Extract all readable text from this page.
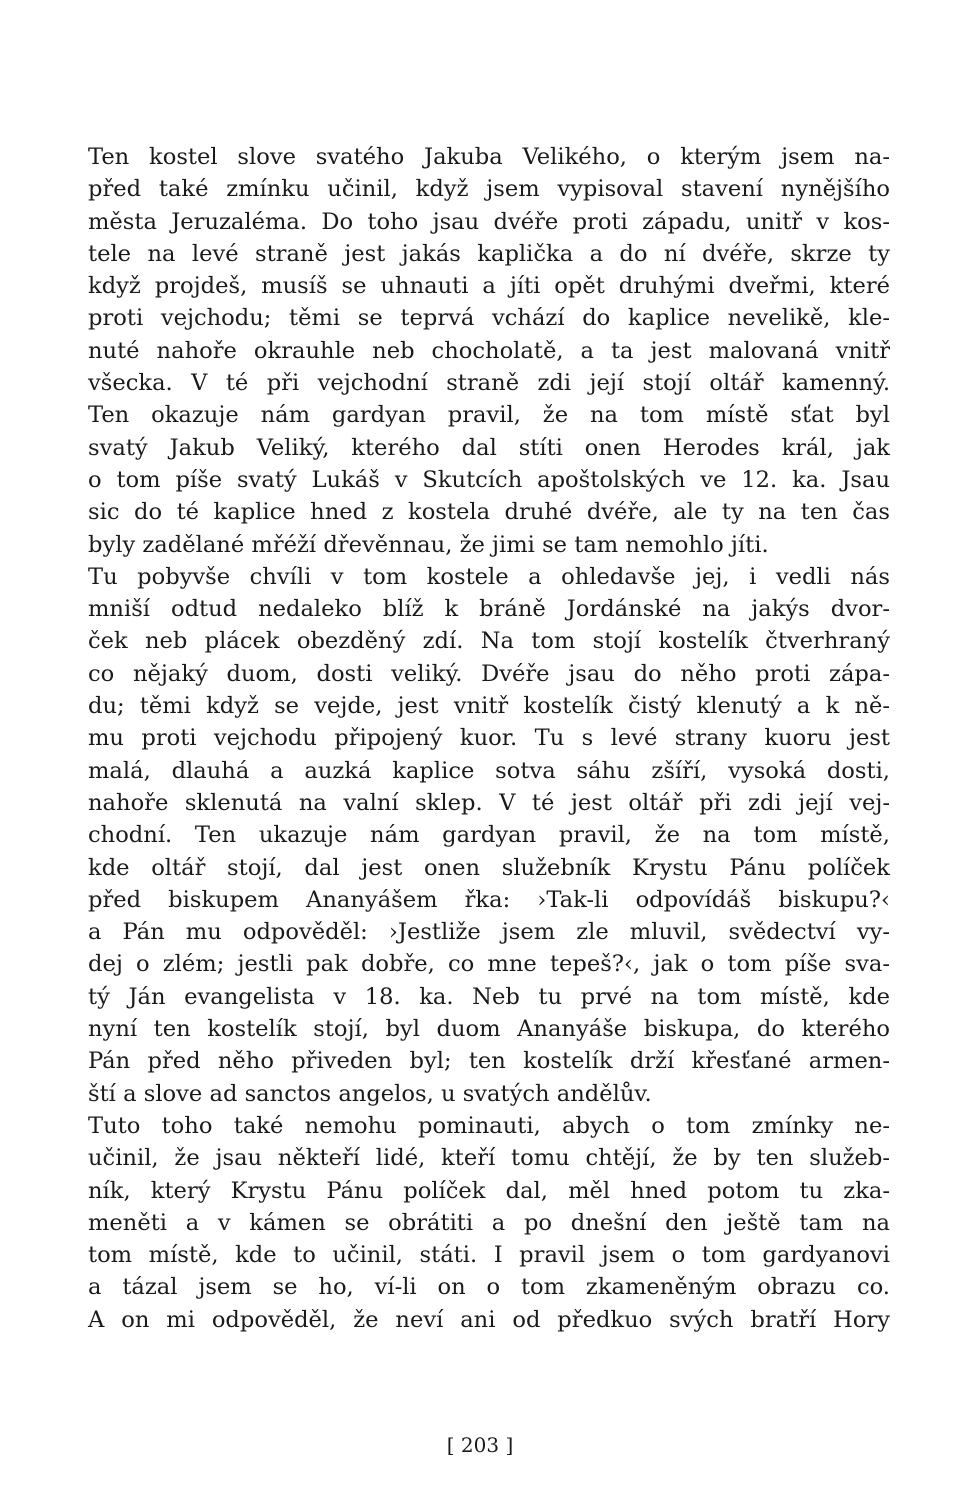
Ten kostel slove svatého Jakuba Velikého, o kterým jsem na-
před také zmínku učinil, když jsem vypisoval stavení nynějšího
města Jeruzaléma. Do toho jsau dvéře proti západu, unitř v kos-
tele na levé straně jest jakás kaplička a do ní dvéře, skrze ty
když projdeš, musíš se uhnauti a jíti opět druhými dveřmi, které
proti vejchodu; těmi se teprvá vchází do kaplice nevelikě, kle-
nuté nahoře okrauhle neb chocholatě, a ta jest malovaná vnitř
všecka. V té při vejchodní straně zdi její stojí oltář kamenný.
Ten okazuje nám gardyan pravil, že na tom místě sťat byl
svatý Jakub Veliký, kterého dal stíti onen Herodes král, jak
o tom píše svatý Lukáš v Skutcích apoštolských ve 12. ka. Jsau
sic do té kaplice hned z kostela druhé dvéře, ale ty na ten čas
byly zadělané mřéží dřevěnnau, že jimi se tam nemohlo jíti.
Tu pobyvše chvíli v tom kostele a ohledavše jej, i vedli nás
mniší odtud nedaleko blíž k bráně Jordánské na jakýs dvor-
ček neb plácek obezděný zdí. Na tom stojí kostelík čtverhraný
co nějaký duom, dosti veliký. Dvéře jsau do něho proti zápa-
du; těmi když se vejde, jest vnitř kostelík čistý klenutý a k ně-
mu proti vejchodu připojený kuor. Tu s levé strany kuoru jest
malá, dlauhá a auzká kaplice sotva sáhu zšíří, vysoká dosti,
nahoře sklenutá na valní sklep. V té jest oltář při zdi její vej-
chodní. Ten ukazuje nám gardyan pravil, že na tom místě,
kde oltář stojí, dal jest onen služebník Krystu Pánu políček
před biskupem Ananyášem řka: ›Tak-li odpovídáš biskupu?‹
a Pán mu odpověděl: ›Jestliže jsem zle mluvil, svědectví vy-
dej o zlém; jestli pak dobře, co mne tepeš?‹, jak o tom píše sva-
tý Ján evangelista v 18. ka. Neb tu prvé na tom místě, kde
nyní ten kostelík stojí, byl duom Ananyáše biskupa, do kterého
Pán před něho přiveden byl; ten kostelík drží křesťané armen-
ští a slove ad sanctos angelos, u svatých andělův.
Tuto toho také nemohu pominauti, abych o tom zmínky ne-
učinil, že jsau někteří lidé, kteří tomu chtějí, že by ten služeb-
ník, který Krystu Pánu políček dal, měl hned potom tu zka-
meněti a v kámen se obrátiti a po dnešní den ještě tam na
tom místě, kde to učinil, státi. I pravil jsem o tom gardyanovi
a tázal jsem se ho, ví-li on o tom zkameněným obrazu co.
A on mi odpověděl, že neví ani od předkuo svých bratří Hory
[ 203 ]
